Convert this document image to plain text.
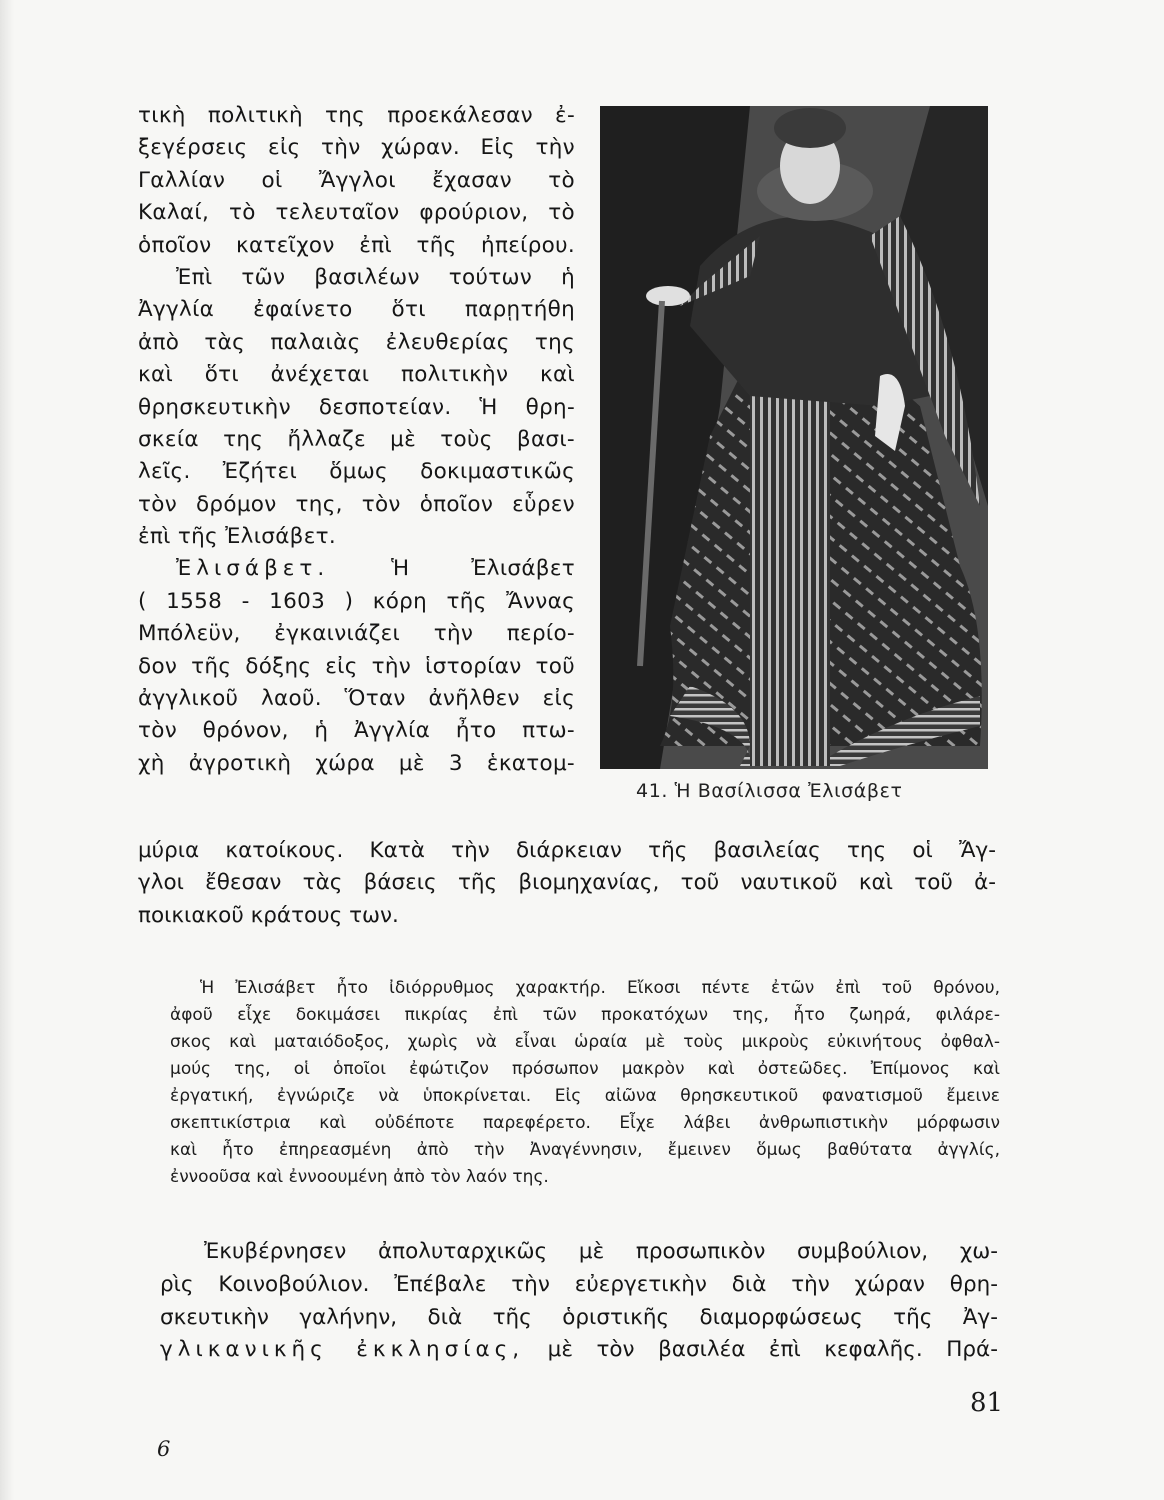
τικὴ πολιτικὴ της προεκάλεσαν ἐ-
ξεγέρσεις εἰς τὴν χώραν. Εἰς τὴν
Γαλλίαν οἱ Ἄγγλοι ἔχασαν τὸ
Καλαί, τὸ τελευταῖον φρούριον, τὸ
ὁποῖον κατεῖχον ἐπὶ τῆς ἠπείρου.
Ἐπὶ τῶν βασιλέων τούτων ἡ
Ἀγγλία ἐφαίνετο ὅτι παρῃτήθη
ἀπὸ τὰς παλαιὰς ἐλευθερίας της
καὶ ὅτι ἀνέχεται πολιτικὴν καὶ
θρησκευτικὴν δεσποτείαν. Ἡ θρη-
σκεία της ἤλλαζε μὲ τοὺς βασι-
λεῖς. Ἐζήτει ὅμως δοκιμαστικῶς
τὸν δρόμον της, τὸν ὁποῖον εὗρεν
ἐπὶ τῆς Ἐλισάβετ.
Ἐλισάβετ.	Ἡ Ἐλισάβετ
( 1558 - 1603 ) κόρη τῆς Ἄννας
Μπόλεϋν, ἐγκαινιάζει τὴν περίο-
δον τῆς δόξης εἰς τὴν ἱστορίαν τοῦ
ἀγγλικοῦ λαοῦ. Ὅταν ἀνῆλθεν εἰς
τὸν θρόνον, ἡ Ἀγγλία ἦτο πτω-
χὴ ἀγροτικὴ χώρα μὲ 3 ἑκατομ-
41. Ἡ Βασίλισσα Ἐλισάβετ
μύρια κατοίκους. Κατὰ τὴν διάρκειαν τῆς βασιλείας της οἱ Ἄγ-
γλοι ἔθεσαν τὰς βάσεις τῆς βιομηχανίας, τοῦ ναυτικοῦ καὶ τοῦ ἀ-
ποικιακοῦ κράτους των.
Ἡ Ἐλισάβετ ἦτο ἰδιόρρυθμος χαρακτήρ. Εἴκοσι πέντε ἐτῶν ἐπὶ τοῦ θρόνου,
ἀφοῦ εἶχε δοκιμάσει πικρίας ἐπὶ τῶν προκατόχων της, ἦτο ζωηρά, φιλάρε-
σκος καὶ ματαιόδοξος, χωρὶς νὰ εἶναι ὡραία μὲ τοὺς μικροὺς εὐκινήτους ὀφθαλ-
μούς της, οἱ ὁποῖοι ἐφώτιζον πρόσωπον μακρὸν καὶ ὀστεῶδες. Ἐπίμονος καὶ
ἐργατική, ἐγνώριζε νὰ ὑποκρίνεται. Εἰς αἰῶνα θρησκευτικοῦ φανατισμοῦ ἔμεινε
σκεπτικίστρια καὶ οὐδέποτε παρεφέρετο. Εἶχε λάβει ἀνθρωπιστικὴν μόρφωσιν
καὶ ἦτο ἐπηρεασμένη ἀπὸ τὴν Ἀναγέννησιν, ἔμεινεν ὅμως βαθύτατα ἀγγλίς,
ἐννοοῦσα καὶ ἐννοουμένη ἀπὸ τὸν λαόν της.
Ἐκυβέρνησεν ἀπολυταρχικῶς μὲ προσωπικὸν συμβούλιον, χω-
ρὶς Κοινοβούλιον. Ἐπέβαλε τὴν εὐεργετικὴν διὰ τὴν χώραν θρη-
σκευτικὴν γαλήνην, διὰ τῆς ὁριστικῆς διαμορφώσεως τῆς Ἀγ-
γλικανικῆς ἐκκλησίας, μὲ τὸν βασιλέα ἐπὶ κεφαλῆς. Πρά-
81
6
